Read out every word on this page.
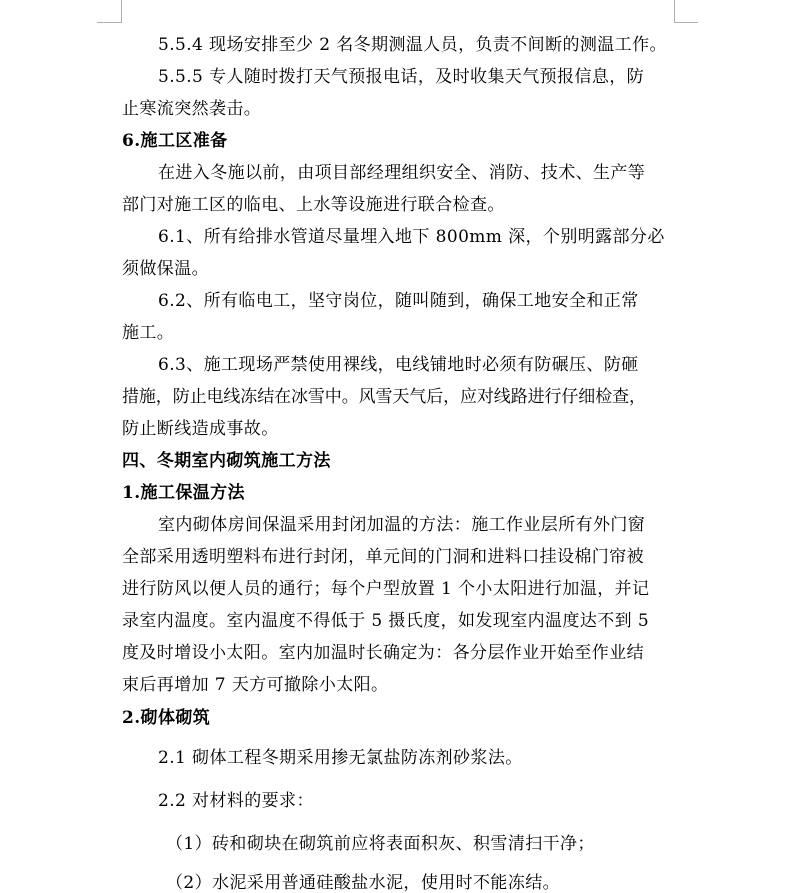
5.5.4 现场安排至少 2 名冬期测温人员，负责不间断的测温工作。
5.5.5 专人随时拨打天气预报电话，及时收集天气预报信息，防
止寒流突然袭击。
6.施工区准备
在进入冬施以前，由项目部经理组织安全、消防、技术、生产等
部门对施工区的临电、上水等设施进行联合检查。
6.1、所有给排水管道尽量埋入地下 800mm 深，个别明露部分必
须做保温。
6.2、所有临电工，坚守岗位，随叫随到，确保工地安全和正常
施工。
6.3、施工现场严禁使用裸线，电线铺地时必须有防碾压、防砸
措施，防止电线冻结在冰雪中。风雪天气后，应对线路进行仔细检查，
防止断线造成事故。
四、冬期室内砌筑施工方法
1.施工保温方法
室内砌体房间保温采用封闭加温的方法：施工作业层所有外门窗
全部采用透明塑料布进行封闭，单元间的门洞和进料口挂设棉门帘被
进行防风以便人员的通行；每个户型放置 1 个小太阳进行加温，并记
录室内温度。室内温度不得低于 5 摄氏度，如发现室内温度达不到 5
度及时增设小太阳。室内加温时长确定为：各分层作业开始至作业结
束后再增加 7 天方可撤除小太阳。
2.砌体砌筑
2.1 砌体工程冬期采用掺无氯盐防冻剂砂浆法。
2.2 对材料的要求：
（1）砖和砌块在砌筑前应将表面积灰、积雪清扫干净；
（2）水泥采用普通硅酸盐水泥，使用时不能冻结。
